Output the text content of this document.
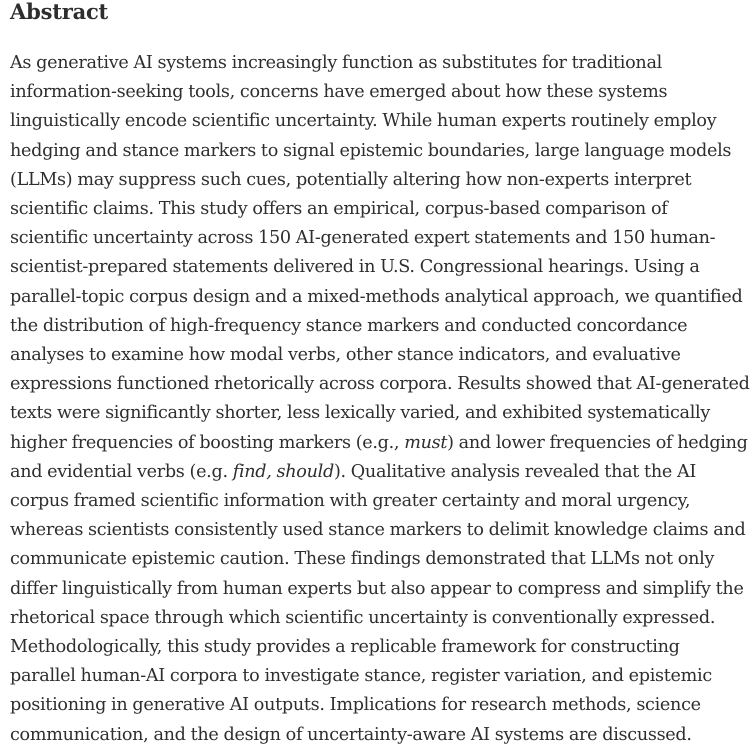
Abstract

As generative AI systems increasingly function as substitutes for traditional information-seeking tools, concerns have emerged about how these systems linguistically encode scientific uncertainty. While human experts routinely employ hedging and stance markers to signal epistemic boundaries, large language models (LLMs) may suppress such cues, potentially altering how non-experts interpret scientific claims. This study offers an empirical, corpus-based comparison of scientific uncertainty across 150 AI-generated expert statements and 150 human-scientist-prepared statements delivered in U.S. Congressional hearings. Using a parallel-topic corpus design and a mixed-methods analytical approach, we quantified the distribution of high-frequency stance markers and conducted concordance analyses to examine how modal verbs, other stance indicators, and evaluative expressions functioned rhetorically across corpora. Results showed that AI-generated texts were significantly shorter, less lexically varied, and exhibited systematically higher frequencies of boosting markers (e.g., must) and lower frequencies of hedging and evidential verbs (e.g. find, should). Qualitative analysis revealed that the AI corpus framed scientific information with greater certainty and moral urgency, whereas scientists consistently used stance markers to delimit knowledge claims and communicate epistemic caution. These findings demonstrated that LLMs not only differ linguistically from human experts but also appear to compress and simplify the rhetorical space through which scientific uncertainty is conventionally expressed. Methodologically, this study provides a replicable framework for constructing parallel human-AI corpora to investigate stance, register variation, and epistemic positioning in generative AI outputs. Implications for research methods, science communication, and the design of uncertainty-aware AI systems are discussed.
